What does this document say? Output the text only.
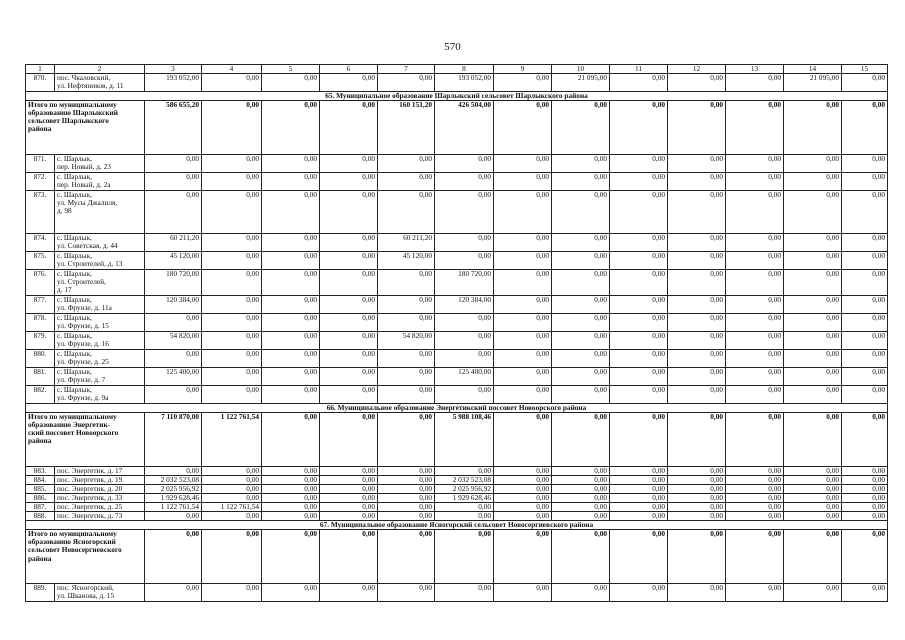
570
1	2	3	4	5	6	7	8	9	10	11	12	13	14	15
870.	пос. Чкаловский,
ул. Нефтяников, д. 11	193 052,00	0,00	0,00	0,00	0,00	193 052,00	0,00	21 095,00	0,00	0,00	0,00	21 095,00	0,00
65. Муниципальное образование Шарлыкский сельсовет Шарлыкского района														
Итого по муниципальному
образованию Шарлыкский
сельсовет Шарлыкского
района		586 655,20	0,00	0,00	0,00	160 151,20	426 504,00	0,00	0,00	0,00	0,00	0,00	0,00	0,00
871.	с. Шарлык,
пер. Новый, д. 23	0,00	0,00	0,00	0,00	0,00	0,00	0,00	0,00	0,00	0,00	0,00	0,00	0,00
872.	с. Шарлык,
пер. Новый, д. 2а	0,00	0,00	0,00	0,00	0,00	0,00	0,00	0,00	0,00	0,00	0,00	0,00	0,00
873.	с. Шарлык,
ул. Мусы Джалиля,
д. 98	0,00	0,00	0,00	0,00	0,00	0,00	0,00	0,00	0,00	0,00	0,00	0,00	0,00
874.	с. Шарлык,
ул. Советская, д. 44	60 211,20	0,00	0,00	0,00	60 211,20	0,00	0,00	0,00	0,00	0,00	0,00	0,00	0,00
875.	с. Шарлык,
ул. Строителей, д. 13	45 120,00	0,00	0,00	0,00	45 120,00	0,00	0,00	0,00	0,00	0,00	0,00	0,00	0,00
876.	с. Шарлык,
ул. Строителей,
д. 17	180 720,00	0,00	0,00	0,00	0,00	180 720,00	0,00	0,00	0,00	0,00	0,00	0,00	0,00
877.	с. Шарлык,
ул. Фрунзе, д. 11а	120 384,00	0,00	0,00	0,00	0,00	120 384,00	0,00	0,00	0,00	0,00	0,00	0,00	0,00
878.	с. Шарлык,
ул. Фрунзе, д. 15	0,00	0,00	0,00	0,00	0,00	0,00	0,00	0,00	0,00	0,00	0,00	0,00	0,00
879.	с. Шарлык,
ул. Фрунзе, д. 16	54 820,00	0,00	0,00	0,00	54 820,00	0,00	0,00	0,00	0,00	0,00	0,00	0,00	0,00
880.	с. Шарлык,
ул. Фрунзе, д. 25	0,00	0,00	0,00	0,00	0,00	0,00	0,00	0,00	0,00	0,00	0,00	0,00	0,00
881.	с. Шарлык,
ул. Фрунзе, д. 7	125 400,00	0,00	0,00	0,00	0,00	125 400,00	0,00	0,00	0,00	0,00	0,00	0,00	0,00
882.	с. Шарлык,
ул. Фрунзе, д. 9а	0,00	0,00	0,00	0,00	0,00	0,00	0,00	0,00	0,00	0,00	0,00	0,00	0,00
66. Муниципальное образование Энергетикский поссовет Новоорского района														
Итого по муниципальному
образованию Энергетик-
ский поссовет Новоорского
района		7 110 870,00	1 122 761,54	0,00	0,00	0,00	5 988 108,46	0,00	0,00	0,00	0,00	0,00	0,00	0,00
883.	пос. Энергетик, д. 17	0,00	0,00	0,00	0,00	0,00	0,00	0,00	0,00	0,00	0,00	0,00	0,00	0,00
884.	пос. Энергетик, д. 19	2 032 523,08	0,00	0,00	0,00	0,00	2 032 523,08	0,00	0,00	0,00	0,00	0,00	0,00	0,00
885.	пос. Энергетик, д. 20	2 025 956,92	0,00	0,00	0,00	0,00	2 025 956,92	0,00	0,00	0,00	0,00	0,00	0,00	0,00
886.	пос. Энергетик, д. 33	1 929 628,46	0,00	0,00	0,00	0,00	1 929 628,46	0,00	0,00	0,00	0,00	0,00	0,00	0,00
887.	пос. Энергетик, д. 25	1 122 761,54	1 122 761,54	0,00	0,00	0,00	0,00	0,00	0,00	0,00	0,00	0,00	0,00	0,00
888.	пос. Энергетик, д. 73	0,00	0,00	0,00	0,00	0,00	0,00	0,00	0,00	0,00	0,00	0,00	0,00	0,00
67. Муниципальное образование Ясногорский сельсовет Новосергиевского района														
Итого по муниципальному
образованию Ясногорский
сельсовет Новосергиевского
района		0,00	0,00	0,00	0,00	0,00	0,00	0,00	0,00	0,00	0,00	0,00	0,00	0,00
889.	пос. Ясногорский,
ул. Шканова, д. 15	0,00	0,00	0,00	0,00	0,00	0,00	0,00	0,00	0,00	0,00	0,00	0,00	0,00
